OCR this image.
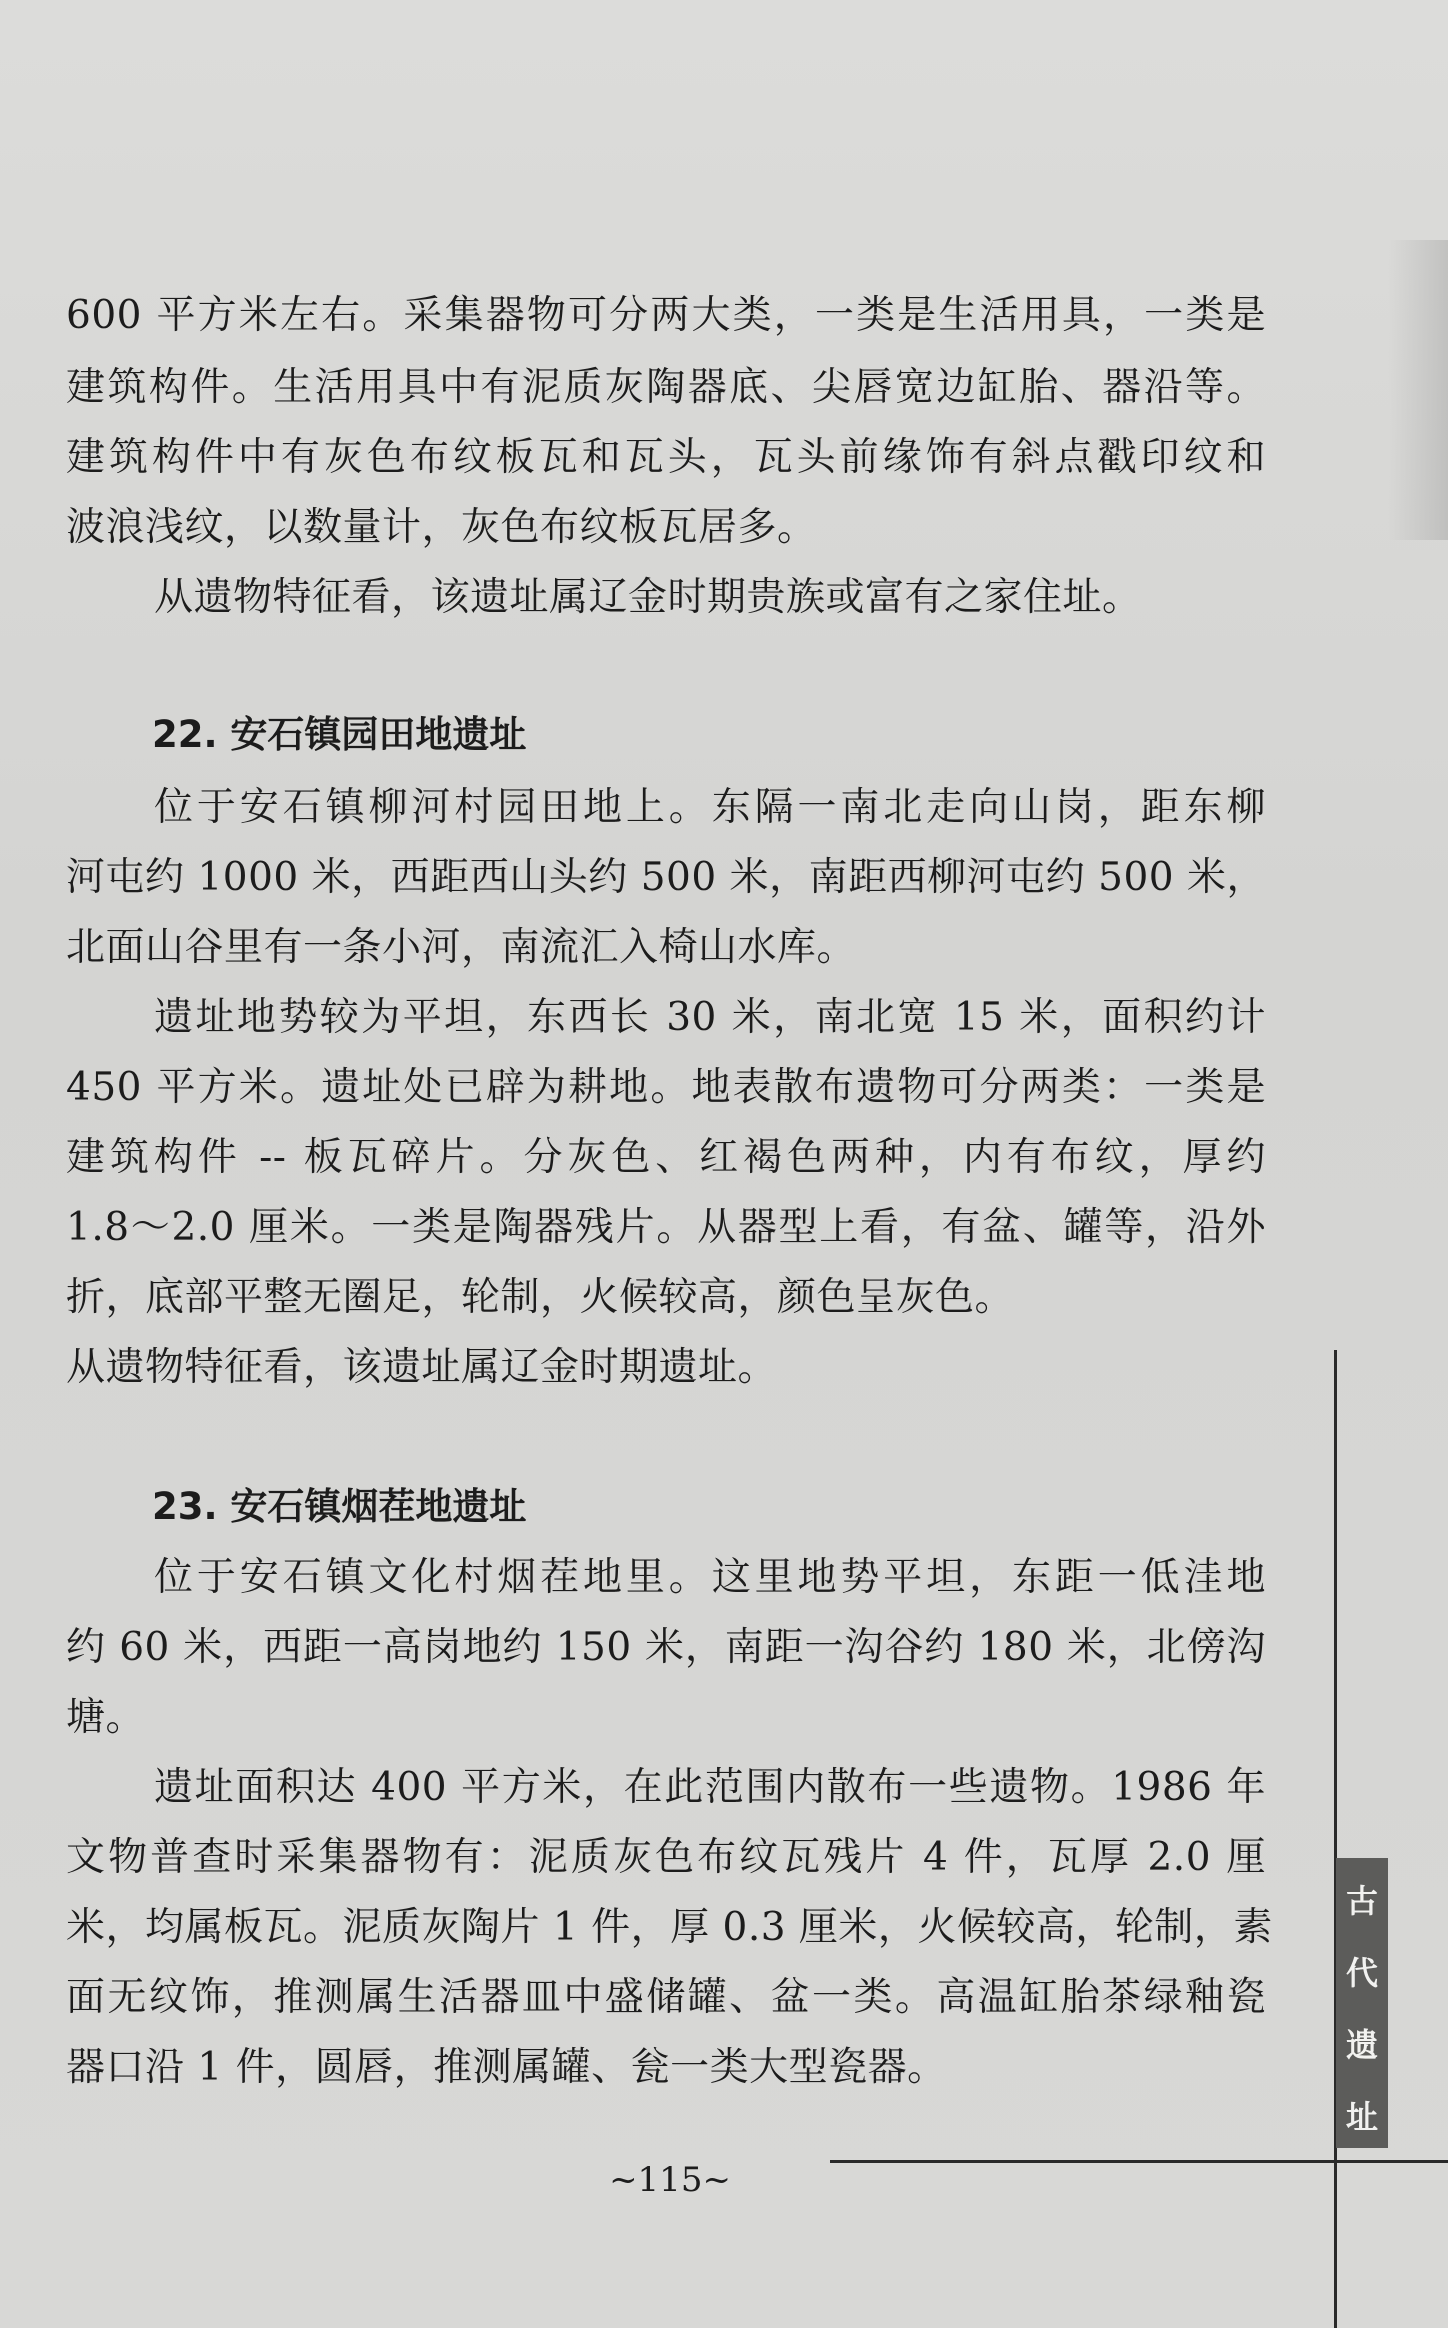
600 平方米左右。采集器物可分两大类，一类是生活用具，一类是
建筑构件。生活用具中有泥质灰陶器底、尖唇宽边缸胎、器沿等。
建筑构件中有灰色布纹板瓦和瓦头，瓦头前缘饰有斜点戳印纹和
波浪浅纹，以数量计，灰色布纹板瓦居多。
从遗物特征看，该遗址属辽金时期贵族或富有之家住址。
22. 安石镇园田地遗址
位于安石镇柳河村园田地上。东隔一南北走向山岗，距东柳
河屯约 1000 米，西距西山头约 500 米，南距西柳河屯约 500 米，
北面山谷里有一条小河，南流汇入椅山水库。
遗址地势较为平坦，东西长 30 米，南北宽 15 米，面积约计
450 平方米。遗址处已辟为耕地。地表散布遗物可分两类：一类是
建筑构件 -- 板瓦碎片。分灰色、红褐色两种，内有布纹，厚约
1.8～2.0 厘米。一类是陶器残片。从器型上看，有盆、罐等，沿外
折，底部平整无圈足，轮制，火候较高，颜色呈灰色。
从遗物特征看，该遗址属辽金时期遗址。
23. 安石镇烟茬地遗址
位于安石镇文化村烟茬地里。这里地势平坦，东距一低洼地
约 60 米，西距一高岗地约 150 米，南距一沟谷约 180 米，北傍沟
塘。
遗址面积达 400 平方米，在此范围内散布一些遗物。1986 年
文物普查时采集器物有：泥质灰色布纹瓦残片 4 件，瓦厚 2.0 厘
米，均属板瓦。泥质灰陶片 1 件，厚 0.3 厘米，火候较高，轮制，素
面无纹饰，推测属生活器皿中盛储罐、盆一类。高温缸胎茶绿釉瓷
器口沿 1 件，圆唇，推测属罐、瓮一类大型瓷器。
古
代
遗
址
~115~
